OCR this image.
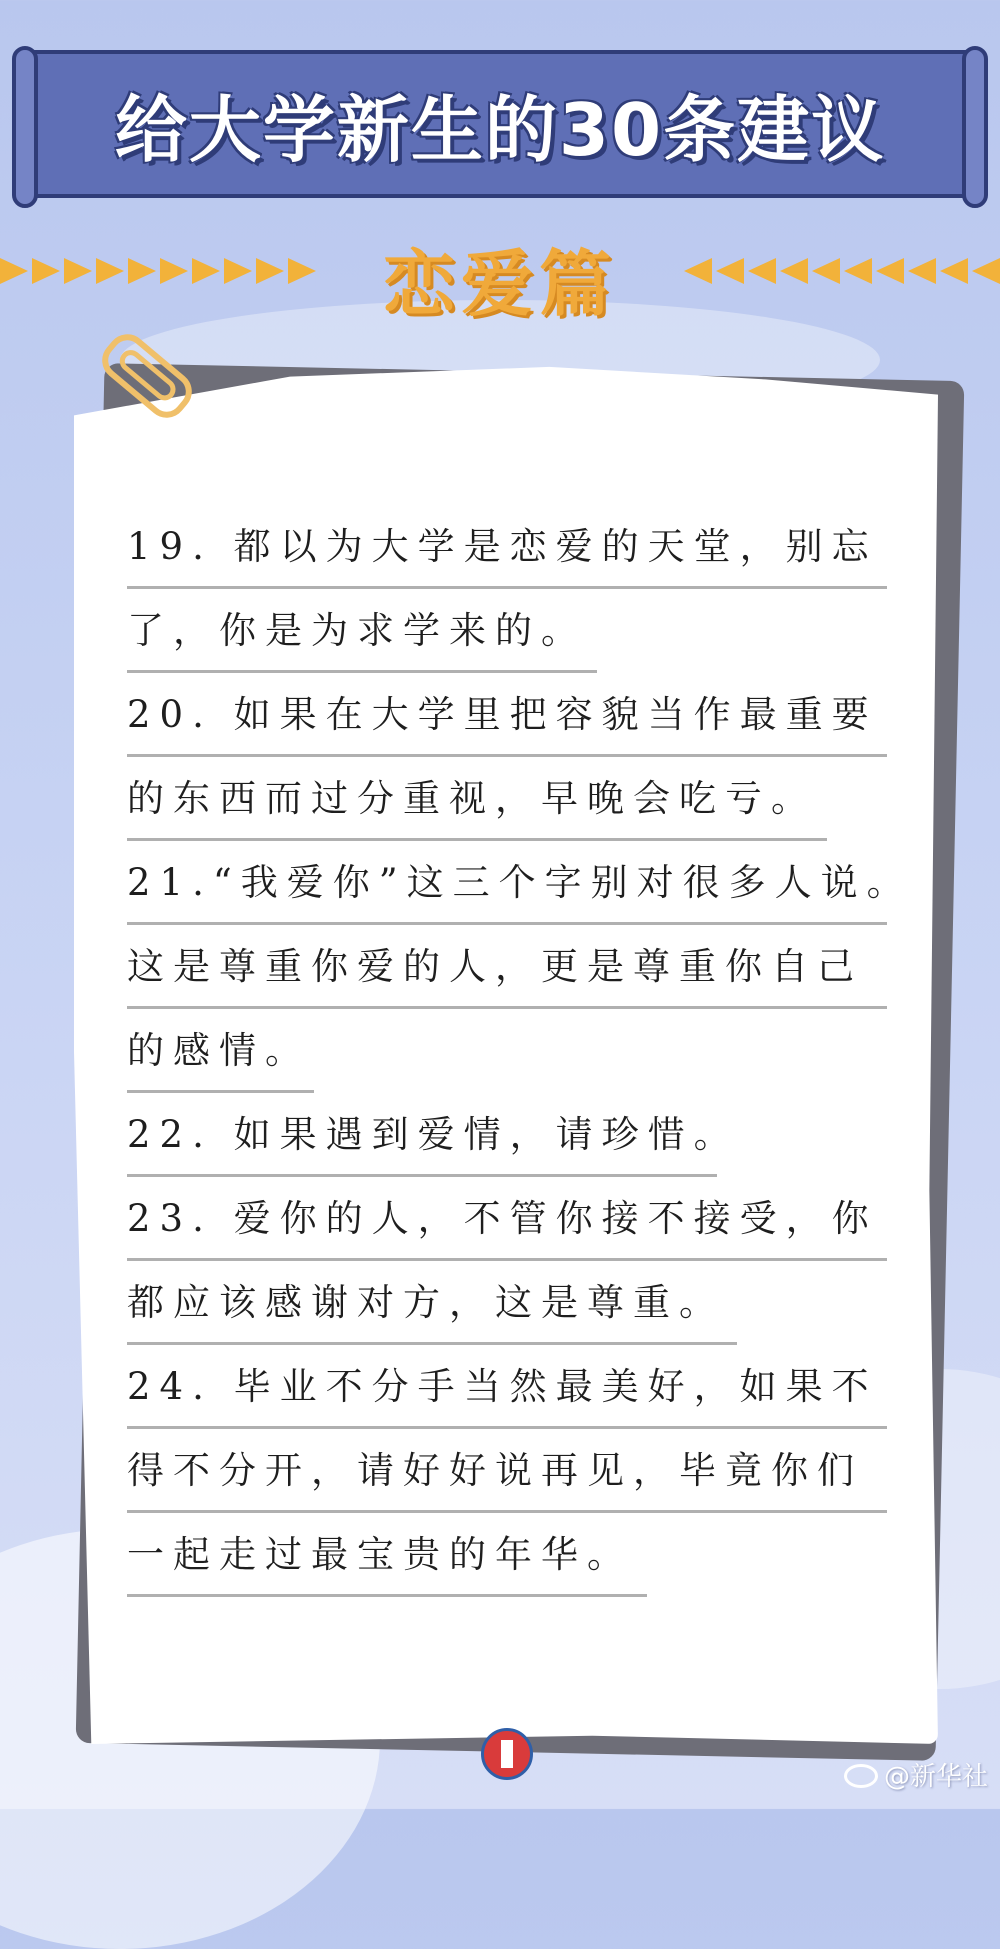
给大学新生的30条建议
恋爱篇
19. 都以为大学是恋爱的天堂，别忘
了，你是为求学来的。
20. 如果在大学里把容貌当作最重要
的东西而过分重视，早晚会吃亏。
21.“我爱你”这三个字别对很多人说。
这是尊重你爱的人，更是尊重你自己
的感情。
22. 如果遇到爱情，请珍惜。
23. 爱你的人，不管你接不接受，你
都应该感谢对方，这是尊重。
24. 毕业不分手当然最美好，如果不
得不分开，请好好说再见，毕竟你们
一起走过最宝贵的年华。
@新华社
